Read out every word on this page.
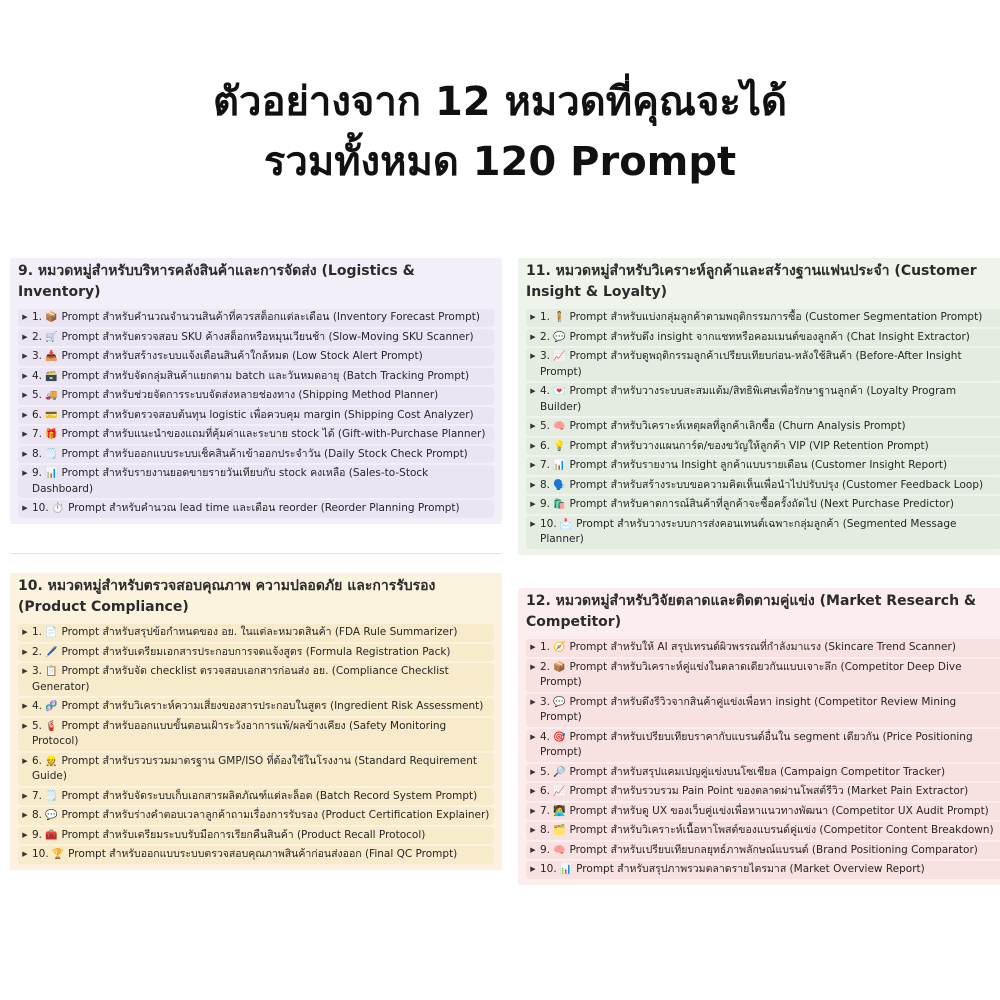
ตัวอย่างจาก 12 หมวดที่คุณจะได้
รวมทั้งหมด 120 Prompt
9. หมวดหมู่สำหรับบริหารคลังสินค้าและการจัดส่ง (Logistics & Inventory)
▶ 1. 📦 Prompt สำหรับคำนวณจำนวนสินค้าที่ควรสต็อกแต่ละเดือน (Inventory Forecast Prompt)
▶ 2. 🛒 Prompt สำหรับตรวจสอบ SKU ค้างสต็อกหรือหมุนเวียนช้า (Slow-Moving SKU Scanner)
▶ 3. 📥 Prompt สำหรับสร้างระบบแจ้งเตือนสินค้าใกล้หมด (Low Stock Alert Prompt)
▶ 4. 🗃️ Prompt สำหรับจัดกลุ่มสินค้าแยกตาม batch และวันหมดอายุ (Batch Tracking Prompt)
▶ 5. 🚚 Prompt สำหรับช่วยจัดการระบบจัดส่งหลายช่องทาง (Shipping Method Planner)
▶ 6. 💳 Prompt สำหรับตรวจสอบต้นทุน logistic เพื่อควบคุม margin (Shipping Cost Analyzer)
▶ 7. 🎁 Prompt สำหรับแนะนำของแถมที่คุ้มค่าและระบาย stock ได้ (Gift-with-Purchase Planner)
▶ 8. 🗒️ Prompt สำหรับออกแบบระบบเช็คสินค้าเข้าออกประจำวัน (Daily Stock Check Prompt)
▶ 9. 📊 Prompt สำหรับรายงานยอดขายรายวันเทียบกับ stock คงเหลือ (Sales-to-Stock Dashboard)
▶ 10. ⏱️ Prompt สำหรับคำนวณ lead time และเตือน reorder (Reorder Planning Prompt)
11. หมวดหมู่สำหรับวิเคราะห์ลูกค้าและสร้างฐานแฟนประจำ (Customer Insight & Loyalty)
▶ 1. 🧍 Prompt สำหรับแบ่งกลุ่มลูกค้าตามพฤติกรรมการซื้อ (Customer Segmentation Prompt)
▶ 2. 💬 Prompt สำหรับดึง insight จากแชทหรือคอมเมนต์ของลูกค้า (Chat Insight Extractor)
▶ 3. 📈 Prompt สำหรับดูพฤติกรรมลูกค้าเปรียบเทียบก่อน-หลังใช้สินค้า (Before-After Insight Prompt)
▶ 4. 💌 Prompt สำหรับวางระบบสะสมแต้ม/สิทธิพิเศษเพื่อรักษาฐานลูกค้า (Loyalty Program Builder)
▶ 5. 🧠 Prompt สำหรับวิเคราะห์เหตุผลที่ลูกค้าเลิกซื้อ (Churn Analysis Prompt)
▶ 6. 💡 Prompt สำหรับวางแผนการ์ด/ของขวัญให้ลูกค้า VIP (VIP Retention Prompt)
▶ 7. 📊 Prompt สำหรับรายงาน Insight ลูกค้าแบบรายเดือน (Customer Insight Report)
▶ 8. 🗣️ Prompt สำหรับสร้างระบบขอความคิดเห็นเพื่อนำไปปรับปรุง (Customer Feedback Loop)
▶ 9. 🛍️ Prompt สำหรับคาดการณ์สินค้าที่ลูกค้าจะซื้อครั้งถัดไป (Next Purchase Predictor)
▶ 10. 📩 Prompt สำหรับวางระบบการส่งคอนเทนต์เฉพาะกลุ่มลูกค้า (Segmented Message Planner)
10. หมวดหมู่สำหรับตรวจสอบคุณภาพ ความปลอดภัย และการรับรอง (Product Compliance)
▶ 1. 📄 Prompt สำหรับสรุปข้อกำหนดของ อย. ในแต่ละหมวดสินค้า (FDA Rule Summarizer)
▶ 2. 🖊️ Prompt สำหรับเตรียมเอกสารประกอบการจดแจ้งสูตร (Formula Registration Pack)
▶ 3. 📋 Prompt สำหรับจัด checklist ตรวจสอบเอกสารก่อนส่ง อย. (Compliance Checklist Generator)
▶ 4. 🧬 Prompt สำหรับวิเคราะห์ความเสี่ยงของสารประกอบในสูตร (Ingredient Risk Assessment)
▶ 5. 🧯 Prompt สำหรับออกแบบขั้นตอนเฝ้าระวังอาการแพ้/ผลข้างเคียง (Safety Monitoring Protocol)
▶ 6. 👷 Prompt สำหรับรวบรวมมาตรฐาน GMP/ISO ที่ต้องใช้ในโรงงาน (Standard Requirement Guide)
▶ 7. 🗒️ Prompt สำหรับจัดระบบเก็บเอกสารผลิตภัณฑ์แต่ละล็อต (Batch Record System Prompt)
▶ 8. 💬 Prompt สำหรับร่างคำตอบเวลาลูกค้าถามเรื่องการรับรอง (Product Certification Explainer)
▶ 9. 🧰 Prompt สำหรับเตรียมระบบรับมือการเรียกคืนสินค้า (Product Recall Protocol)
▶ 10. 🏆 Prompt สำหรับออกแบบระบบตรวจสอบคุณภาพสินค้าก่อนส่งออก (Final QC Prompt)
12. หมวดหมู่สำหรับวิจัยตลาดและติดตามคู่แข่ง (Market Research & Competitor)
▶ 1. 🧭 Prompt สำหรับให้ AI สรุปเทรนด์ผิวพรรณที่กำลังมาแรง (Skincare Trend Scanner)
▶ 2. 📦 Prompt สำหรับวิเคราะห์คู่แข่งในตลาดเดียวกันแบบเจาะลึก (Competitor Deep Dive Prompt)
▶ 3. 💬 Prompt สำหรับดึงรีวิวจากสินค้าคู่แข่งเพื่อหา insight (Competitor Review Mining Prompt)
▶ 4. 🎯 Prompt สำหรับเปรียบเทียบราคากับแบรนด์อื่นใน segment เดียวกัน (Price Positioning Prompt)
▶ 5. 🔎 Prompt สำหรับสรุปแคมเปญคู่แข่งบนโซเชียล (Campaign Competitor Tracker)
▶ 6. 📈 Prompt สำหรับรวบรวม Pain Point ของตลาดผ่านโพสต์รีวิว (Market Pain Extractor)
▶ 7. 👩‍💻 Prompt สำหรับดู UX ของเว็บคู่แข่งเพื่อหาแนวทางพัฒนา (Competitor UX Audit Prompt)
▶ 8. 🗂️ Prompt สำหรับวิเคราะห์เนื้อหาโพสต์ของแบรนด์คู่แข่ง (Competitor Content Breakdown)
▶ 9. 🧠 Prompt สำหรับเปรียบเทียบกลยุทธ์ภาพลักษณ์แบรนด์ (Brand Positioning Comparator)
▶ 10. 📊 Prompt สำหรับสรุปภาพรวมตลาดรายไตรมาส (Market Overview Report)
